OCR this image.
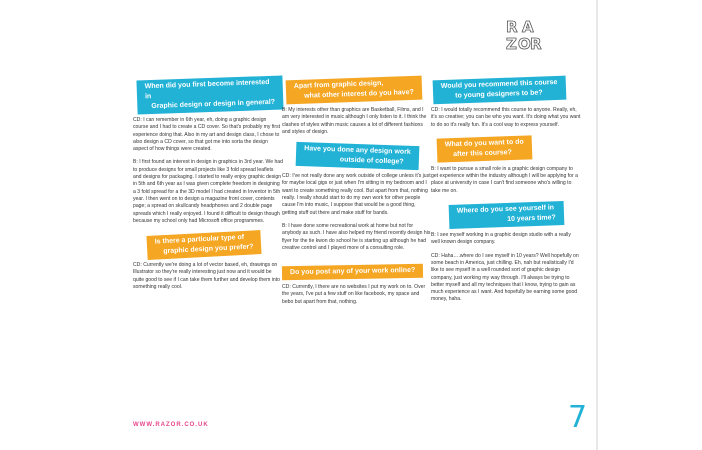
R A
Z O R
When did you first become interested in
Graphic design or design in general?

CD: I can remember in 6th year, eh, doing a graphic design course and I had to create a CD cover. So that's probably my first experience doing that. Also in my art and design class, I chose to also design a CD cover, so that got me into sorta the design aspect of how things were created.

B: I first found an interest in design in graphics in 3rd year. We had to produce designs for small projects like 3 fold spread leaflets and designs for packaging. I started to really enjoy graphic design in 5th and 6th year as I was given complete freedom in designing a 3 fold spread for a the 3D model I had created in Inventor in 5th year. I then went on to design a magazine front cover, contents page; a spread on skullcandy headphones and 2 double page spreads which I really enjoyed. I found it difficult to design though because my school only had Microsoft office programmes.

Is there a particular type of
graphic design you prefer?

CD: Currently we're doing a lot of vector based, eh, drawings on Illustrator so they're really interesting just now and it would be quite good to see if I can take them further and develop them into something really cool.

Apart from graphic design,
what other interest do you have?

B: My interests other than graphics are Basketball, Films, and I am very interested in music although I only listen to it. I think the clashes of styles within music causes a lot of different fashions and styles of design.

Have you done any design work
outside of college?

CD: I've not really done any work outside of college unless it's just for maybe local gigs or just when I'm sitting in my bedroom and I want to create something really cool. But apart from that, nothing really. I really should start to do my own work for other people cause I'm into music, I suppose that would be a good thing, getting stuff out there and make stuff for bands.

B: I have done some recreational work at home but not for anybody as such. I have also helped my friend recently design his flyer for the tie kwon do school he is starting up although he had creative control and I played more of a consulting role.

Do you post any of your work online?

CD: Currently, I there are no websites I put my work on to. Over the years, I've put a few stuff on like facebook, my space and bebo but apart from that, nothing.

Would you recommend this course
to young designers to be?

CD: I would totally recommend this course to anyone. Really, eh, it's so creative; you can be who you want. It's doing what you want to do so it's really fun. It's a cool way to express yourself.

What do you want to do
after this course?

B: I want to pursue a small role in a graphic design company to get experience within the industry although I will be applying for a place at university in case I can't find someone who's willing to take me on.

Where do you see yourself in
10 years time?

B: I see myself working in a graphic design studio with a really well known design company.

CD: Haha….where do I see myself in 10 years? Well hopefully on some beach in America, just chilling. Eh, nah but realistically I'd like to see myself in a well rounded sort of graphic design company, just working my way through. I'll always be trying to better myself and all my techniques that I know, trying to gain as much experience as I want. And hopefully be earning some good money, haha.

WWW.RAZOR.CO.UK	7
